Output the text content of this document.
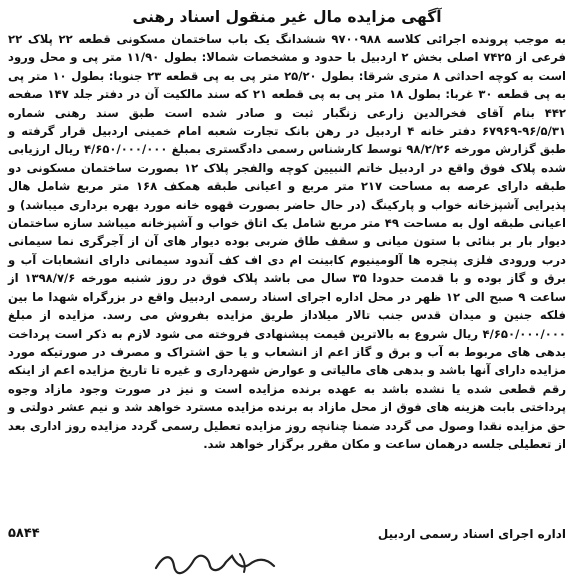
آگهی مزایده مال غیر منقول اسناد رهنی
به موجب پرونده اجرائی کلاسه ۹۷۰۰۹۸۸ ششدانگ یک باب ساختمان مسکونی قطعه ۲۲ پلاک ۲۲ فرعی از ۷۴۲۵ اصلی بخش ۲ اردبیل با حدود و مشخصات شمالا: بطول ۱۱/۹۰ متر پی و محل ورود است به کوچه احداثی ۸ متری شرقا: بطول ۲۵/۲۰ متر پی به پی قطعه ۲۳ جنوبا: بطول ۱۰ متر پی به پی قطعه ۳۰ غربا: بطول ۱۸ متر پی به پی قطعه ۲۱ که سند مالکیت آن در دفتر جلد ۱۴۷ صفحه ۴۴۲ بنام آقای فخرالدین زارعی زنگبار ثبت و صادر شده است طبق سند رهنی شماره ۹۶/۵/۳۱-۶۷۹۶۹ دفتر خانه ۴ اردبیل در رهن بانک تجارت شعبه امام خمینی اردبیل قرار گرفته و طبق گزارش مورخه ۹۸/۲/۲۶ توسط کارشناس رسمی دادگستری بمبلغ ۴/۶۵۰/۰۰۰/۰۰۰ ریال ارزیابی شده پلاک فوق واقع در اردبیل خاتم النبیین کوچه والفجر پلاک ۱۲ بصورت ساختمان مسکونی دو طبقه دارای عرصه به مساحت ۲۱۷ متر مربع و اعیانی طبقه همکف ۱۶۸ متر مربع شامل هال پذیرایی آشپزخانه خواب و پارکینگ (در حال حاضر بصورت قهوه خانه مورد بهره برداری میباشد) و اعیانی طبقه اول به مساحت ۴۹ متر مربع شامل یک اتاق خواب و آشپزخانه میباشد سازه ساختمان دیوار بار بر بنائی با ستون میانی و سقف طاق ضربی بوده دیوار های آن از آجرگری نما سیمانی درب ورودی فلزی پنجره ها آلومینیوم کابینت ام دی اف کف آندود سیمانی دارای انشعابات آب و برق و گاز بوده و با قدمت حدودا ۳۵ سال می باشد پلاک فوق در روز شنبه مورخه ۱۳۹۸/۷/۶ از ساعت ۹ صبح الی ۱۲ ظهر در محل اداره اجرای اسناد رسمی اردبیل واقع در بزرگراه شهدا ما بین فلکه جنین و میدان قدس جنب تالار میلاداز طریق مزایده بفروش می رسد. مزایده از مبلغ ۴/۶۵۰/۰۰۰/۰۰۰ ریال شروع به بالاترین قیمت پیشنهادی فروخته می شود لازم به ذکر است پرداخت بدهی های مربوط به آب و برق و گاز اعم از انشعاب و یا حق اشتراک و مصرف در صورتیکه مورد مزایده دارای آنها باشد و بدهی های مالیاتی و عوارض شهرداری و غیره تا تاریخ مزایده اعم از اینکه رقم قطعی شده یا نشده باشد به عهده برنده مزایده است و نیز در صورت وجود مازاد وجوه پرداختی بابت هزینه های فوق از محل مازاد به برنده مزایده مسترد خواهد شد و نیم عشر دولتی و حق مزایده نقدا وصول می گردد ضمنا چنانچه روز مزایده تعطیل رسمی گردد مزایده روز اداری بعد از تعطیلی جلسه درهمان ساعت و مکان مقرر برگزار خواهد شد.
اداره اجرای اسناد رسمی اردبیل
۵۸۴۴
